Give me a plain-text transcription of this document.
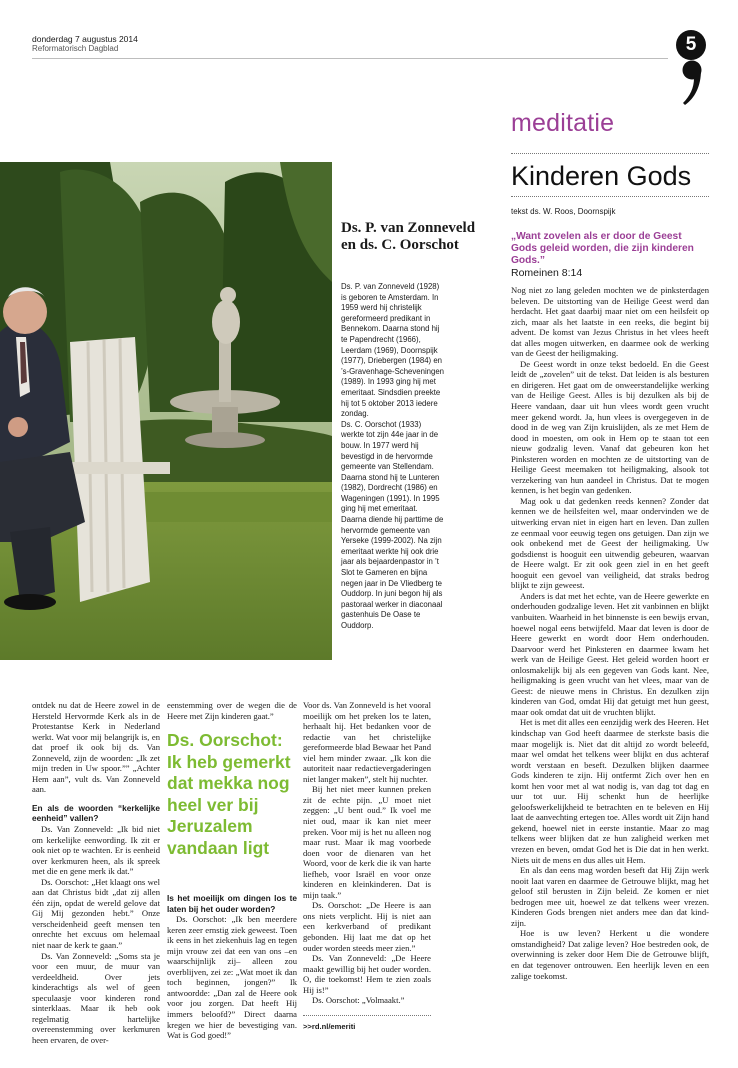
donderdag 7 augustus 2014
Reformatorisch Dagblad	5
meditatie
Kinderen Gods
tekst ds. W. Roos, Doornspijk
„Want zovelen als er door de Geest Gods geleid worden, die zijn kinderen Gods.”
Romeinen 8:14

Nog niet zo lang geleden mochten we de pinksterdagen beleven. De uitstorting van de Heilige Geest werd dan herdacht. Het gaat daarbij maar niet om een heilsfeit op zich, maar als het laatste in een reeks, die begint bij advent. De komst van Jezus Christus in het vlees heeft dat alles mogen uitwerken, en daarmee ook de werking van de Geest der heiligmaking.

De Geest wordt in onze tekst bedoeld. En die Geest leidt de „zovelen” uit de tekst. Dat leiden is als besturen en dirigeren. Het gaat om de onweerstandelijke werking van de Heilige Geest. Alles is bij dezulken als bij de Heere vandaan, daar uit hun vlees wordt geen vrucht meer gekend wordt. Ja, hun vlees is overgegeven in de dood in de weg van Zijn kruislijden, als ze met Hem de dood in moesten, om ook in Hem op te staan tot een nieuw godzalig leven. Vanaf dat gebeuren kon het Pinksteren worden en mochten ze de uitstorting van de Heilige Geest meemaken tot heiligmaking, alsook tot verzekering van hun aandeel in Christus. Dat te mogen kennen, is het begin van gedenken.

Mag ook u dat gedenken reeds kennen? Zonder dat kennen we de heilsfeiten wel, maar ondervinden we de uitwerking ervan niet in eigen hart en leven. Dan zullen ze eenmaal voor eeuwig tegen ons getuigen. Dan zijn we ook onbekend met de Geest der heiligmaking. Uw godsdienst is hooguit een uitwendig gebeuren, waarvan de Heere walgt. Er zit ook geen ziel in en het geeft hooguit een gevoel van veiligheid, dat straks bedrog blijkt te zijn geweest.

Anders is dat met het echte, van de Heere gewerkte en onderhouden godzalige leven. Het zit vanbinnen en blijkt vanbuiten. Waarheid in het binnenste is een bewijs ervan, hoewel nogal eens betwijfeld. Maar dat leven is door de Heere gewerkt en wordt door Hem onderhouden. Daarvoor werd het Pinksteren en daarmee kwam het werk van de Heilige Geest. Het geleid worden hoort er onlosmakelijk bij als een gegeven van Gods kant. Nee, heiligmaking is geen vrucht van het vlees, maar van de Geest: de nieuwe mens in Christus. En dezulken zijn kinderen van God, omdat Hij dat getuigt met hun geest, maar ook omdat dat uit de vruchten blijkt.

Het is met dit alles een eenzijdig werk des Heeren. Het kindschap van God heeft daarmee de sterkste basis die maar mogelijk is. Niet dat dit altijd zo wordt beleefd, maar wel omdat het telkens weer blijkt en dus achteraf wordt verstaan en beseft. Dezulken blijken daarmee Gods kinderen te zijn. Hij ontfermt Zich over hen en komt hen voor met al wat nodig is, van dag tot dag en uur tot uur. Hij schenkt hun de heerlijke geloofswerkelijkheid te betrachten en te beleven en Hij laat de aanvechting ertegen toe. Alles wordt uit Zijn hand gekend, hoewel niet in eerste instantie. Maar zo mag telkens weer blijken dat ze hun zaligheid werken met vrezen en beven, omdat God het is Die dat in hen werkt. Niets uit de mens en dus alles uit Hem.

En als dan eens mag worden beseft dat Hij Zijn werk nooit laat varen en daarmee de Getrouwe blijkt, mag het geloof stil berusten in Zijn beleid. Ze komen er niet bedrogen mee uit, hoewel ze dat telkens weer vrezen. Kinderen Gods brengen niet anders mee dan dat kind-zijn.

Hoe is uw leven? Herkent u die wondere omstandigheid? Dat zalige leven? Hoe bestreden ook, de overwinning is zeker door Hem Die de Getrouwe blijft, en dat tegenover ontrouwen. Een heerlijk leven en een zalige toekomst.

Ds. P. van Zonneveld en ds. C. Oorschot

Ds. P. van Zonneveld (1928) is geboren te Amsterdam. In 1959 werd hij christelijk gereformeerd predikant in Bennekom. Daarna stond hij te Papendrecht (1966), Leerdam (1969), Doornspijk (1977), Driebergen (1984) en ’s-Gravenhage-Scheveningen (1989). In 1993 ging hij met emeritaat. Sindsdien preekte hij tot 5 oktober 2013 iedere zondag.

Ds. C. Oorschot (1933) werkte tot zijn 44e jaar in de bouw. In 1977 werd hij bevestigd in de hervormde gemeente van Stellendam. Daarna stond hij te Lunteren (1982), Dordrecht (1986) en Wageningen (1991). In 1995 ging hij met emeritaat. Daarna diende hij parttime de hervormde gemeente van Yerseke (1999-2002). Na zijn emeritaat werkte hij ook drie jaar als bejaardenpastor in ’t Slot te Gameren en bijna negen jaar in De Vliedberg te Ouddorp. In juni begon hij als pastoraal werker in diaconaal gastenhuis De Oase te Ouddorp.

ontdek nu dat de Heere zowel in de Hersteld Hervormde Kerk als in de Protestantse Kerk in Nederland werkt. Wat voor mij belangrijk is, en dat proef ik ook bij ds. Van Zonneveld, zijn de woorden: „Ik zet mijn treden in Uw spoor.”” „Achter Hem aan”, vult ds. Van Zonneveld aan.

En als de woorden “kerkelijke eenheid” vallen?

Ds. Van Zonneveld: „Ik bid niet om kerkelijke eenwording. Ik zit er ook niet op te wachten. Er is eenheid over kerkmuren heen, als ik spreek met die en gene merk ik dat.”

Ds. Oorschot: „Het klaagt ons wel aan dat Christus bidt „dat zij allen één zijn, opdat de wereld gelove dat Gij Mij gezonden hebt.” Onze verscheidenheid geeft mensen ten onrechte het excuus om helemaal niet naar de kerk te gaan.”

Ds. Van Zonneveld: „Soms sta je voor een muur, de muur van verdeeldheid. Over jets kinderachtigs als wel of geen speculaasje voor kinderen rond sinterklaas. Maar ik heb ook regelmatig hartelijke overeenstemming over kerkmuren heen ervaren, de over-

eenstemming over de wegen die de Heere met Zijn kinderen gaat.”

Ds. Oorschot: Ik heb gemerkt dat mekka nog heel ver bij Jeruzalem vandaan ligt

Is het moeilijk om dingen los te laten bij het ouder worden?

Ds. Oorschot: „Ik ben meerdere keren zeer ernstig ziek geweest. Toen ik eens in het ziekenhuis lag en tegen mijn vrouw zei dat een van ons –en waarschijnlijk zij– alleen zou overblijven, zei ze: „Wat moet ik dan toch beginnen, jongen?” Ik antwoordde: „Dan zal de Heere ook voor jou zorgen. Dat heeft Hij immers beloofd?” Direct daarna kregen we hier de bevestiging van. Wat is God goed!”

Voor ds. Van Zonneveld is het vooral moeilijk om het preken los te laten, herhaalt hij. Het bedanken voor de redactie van het christelijke gereformeerde blad Bewaar het Pand viel hem minder zwaar. „Ik kon die autoriteit naar redactievergaderingen niet langer maken”, stelt hij nuchter.

Bij het niet meer kunnen preken zit de echte pijn. „U moet niet zeggen: „U bent oud.” Ik voel me niet oud, maar ik kan niet meer preken. Voor mij is het nu alleen nog maar rust. Maar ik mag voorbede doen voor de dienaren van het Woord, voor de kerk die ik van harte liefheb, voor Israël en voor onze kinderen en kleinkinderen. Dat is mijn taak.”

Ds. Oorschot: „De Heere is aan ons niets verplicht. Hij is niet aan een kerkverband of predikant gebonden. Hij laat me dat op het ouder worden steeds meer zien.”

Ds. Van Zonneveld: „De Heere maakt gewillig bij het ouder worden. O, die toekomst! Hem te zien zoals Hij is!”

Ds. Oorschot: „Volmaakt.”

>>rd.nl/emeriti
